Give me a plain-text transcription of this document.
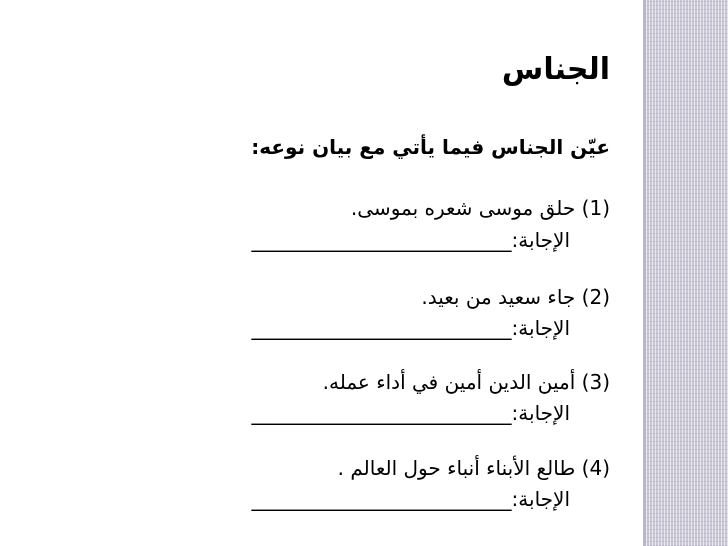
الجناس
عيّن الجناس فيما يأتي مع بيان نوعه:
(1) حلق موسى شعره بموسى.
الإجابة:__________________________
(2) جاء سعيد من بعيد.
الإجابة:__________________________
(3) أمين الدين أمين في أداء عمله.
الإجابة:__________________________
(4) طالع الأبناء أنباء حول العالم .
الإجابة:__________________________
